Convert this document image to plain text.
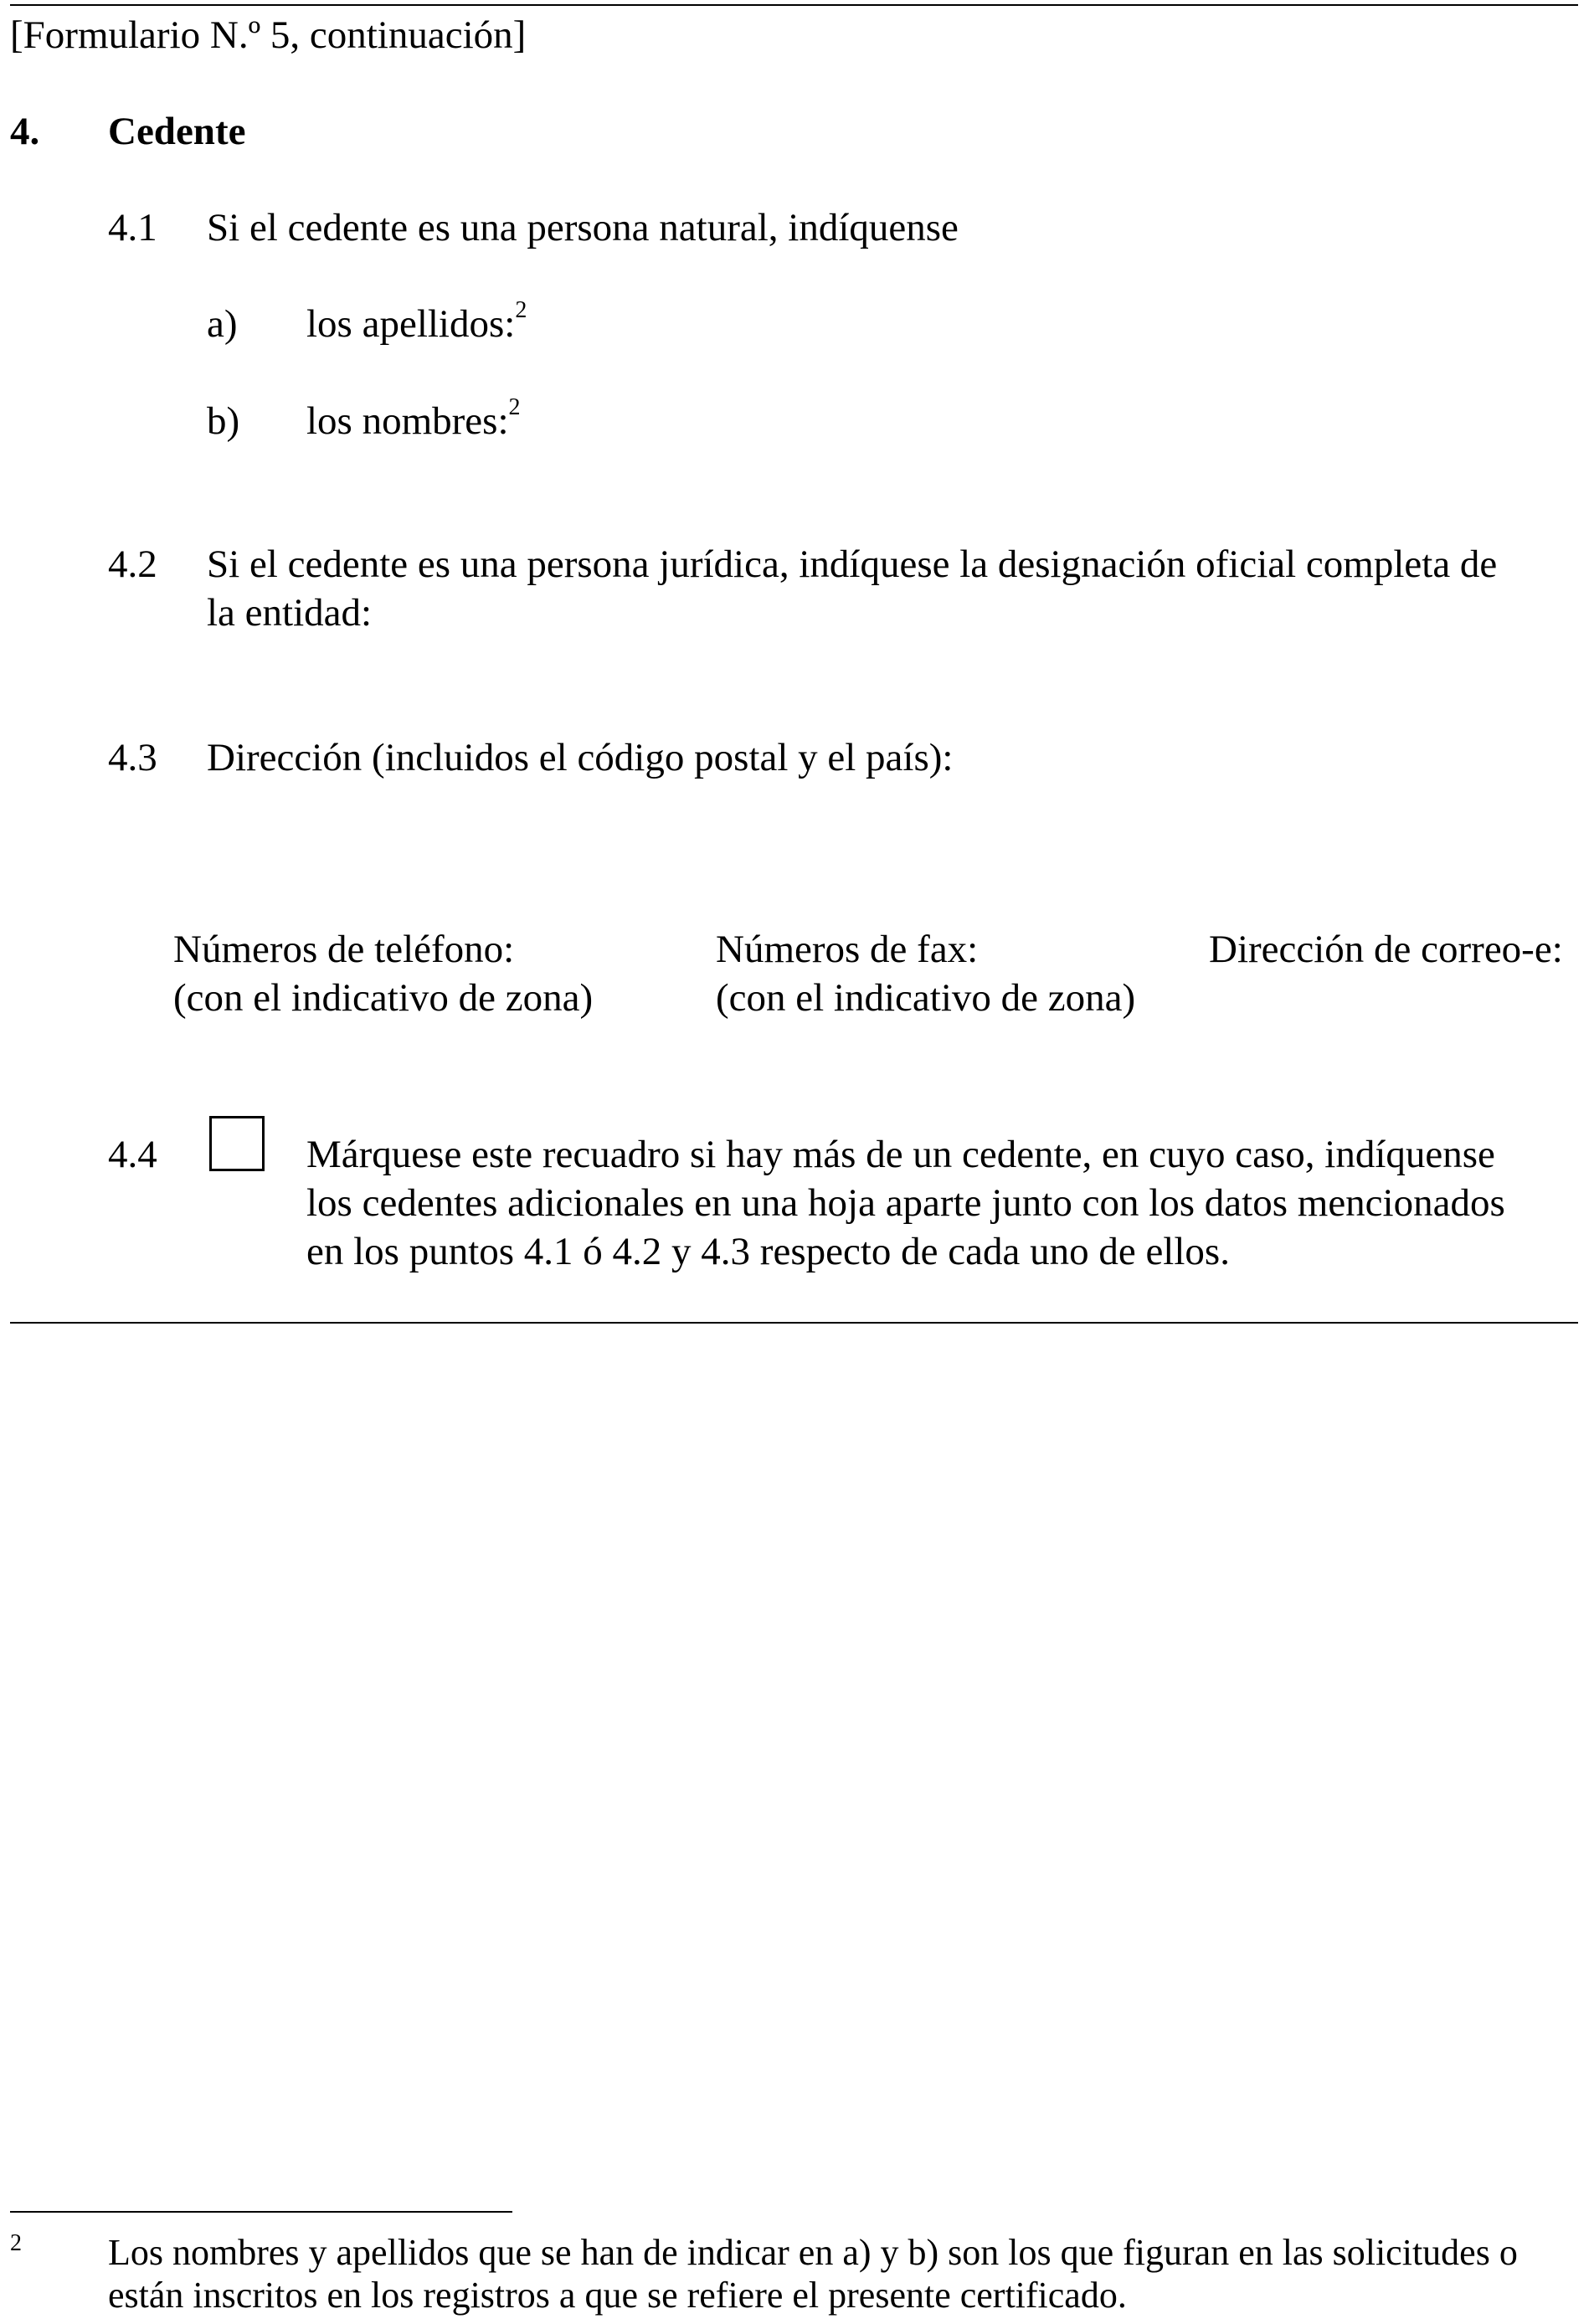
[Formulario N.º 5, continuación]
4. Cedente
4.1 Si el cedente es una persona natural, indíquense
a) los apellidos:$^2$
b) los nombres:$^2$
4.2 Si el cedente es una persona jurídica, indíquese la designación oficial completa de
la entidad:
4.3 Dirección (incluidos el código postal y el país):
Números de teléfono:
(con el indicativo de zona)
Números de fax:
(con el indicativo de zona)
Dirección de correo-e:
4.4	Márquese este recuadro si hay más de un cedente, en cuyo caso, indíquense
los cedentes adicionales en una hoja aparte junto con los datos mencionados
en los puntos 4.1 ó 4.2 y 4.3 respecto de cada uno de ellos.
2 Los nombres y apellidos que se han de indicar en a) y b) son los que figuran en las solicitudes o
están inscritos en los registros a que se refiere el presente certificado.
